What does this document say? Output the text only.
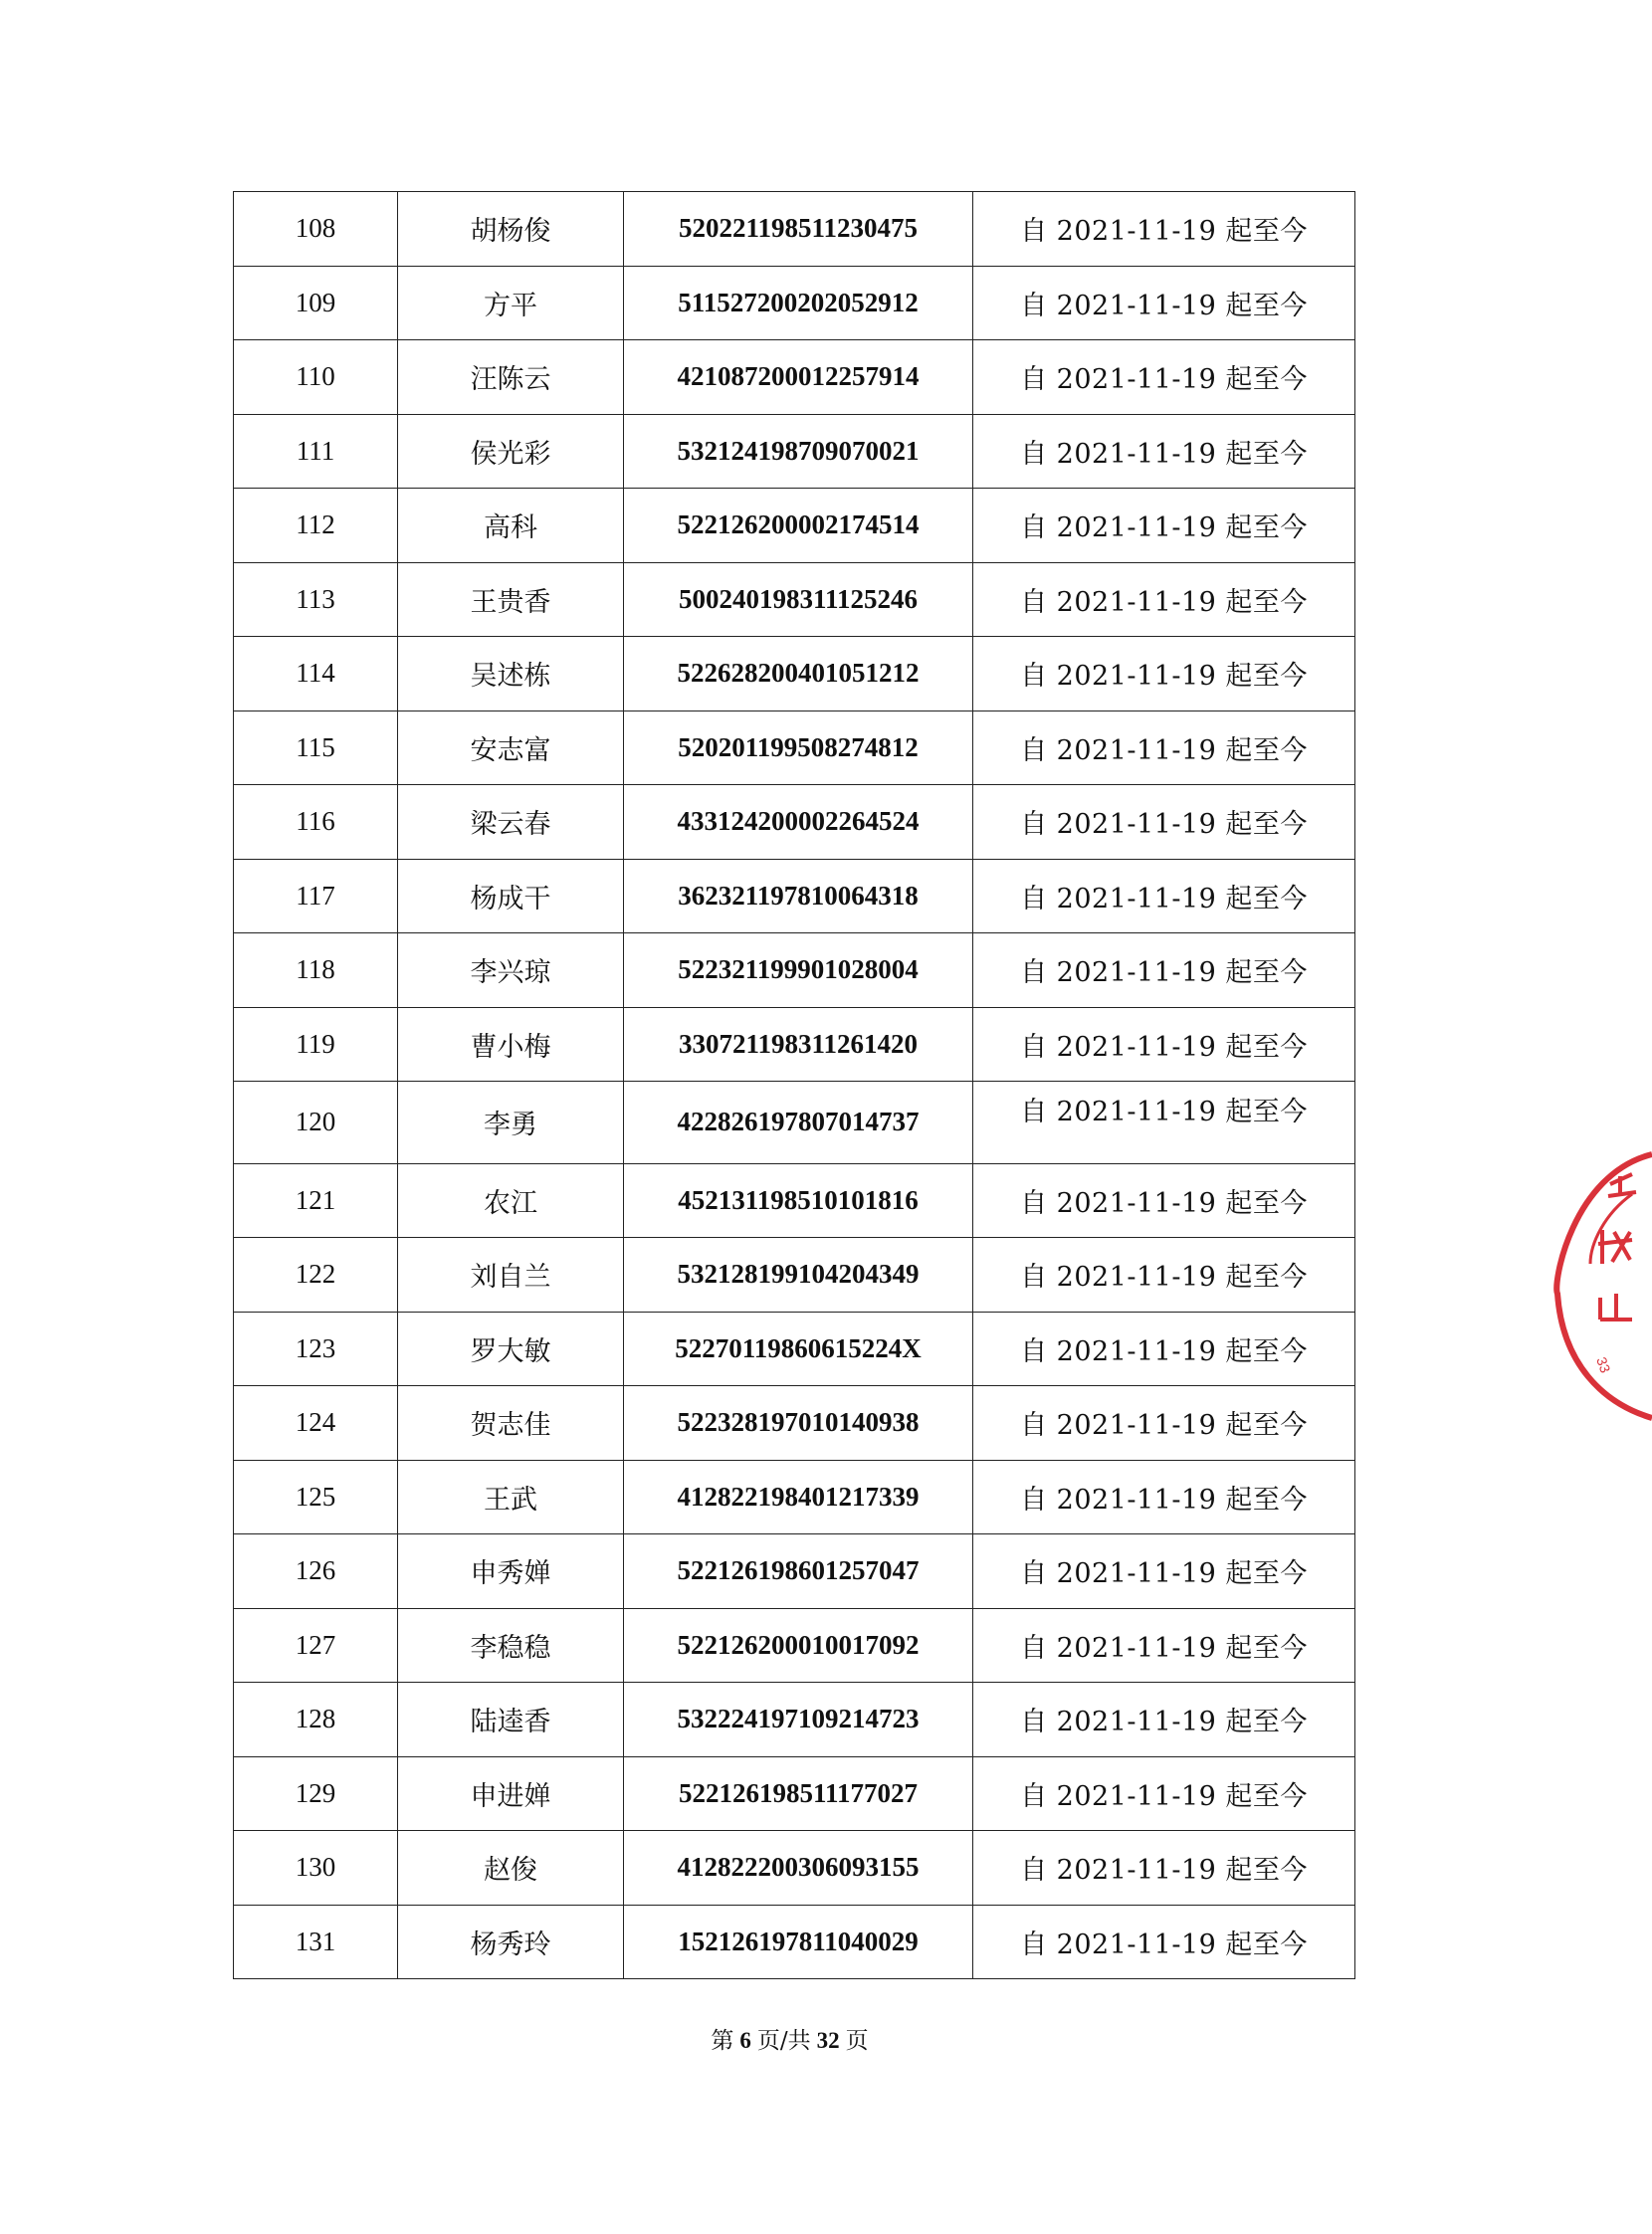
108	胡杨俊	520221198511230475	自 2021-11-19 起至今
109	方平	511527200202052912	自 2021-11-19 起至今
110	汪陈云	421087200012257914	自 2021-11-19 起至今
111	侯光彩	532124198709070021	自 2021-11-19 起至今
112	高科	522126200002174514	自 2021-11-19 起至今
113	王贵香	500240198311125246	自 2021-11-19 起至今
114	吴述栋	522628200401051212	自 2021-11-19 起至今
115	安志富	520201199508274812	自 2021-11-19 起至今
116	梁云春	433124200002264524	自 2021-11-19 起至今
117	杨成干	362321197810064318	自 2021-11-19 起至今
118	李兴琼	522321199901028004	自 2021-11-19 起至今
119	曹小梅	330721198311261420	自 2021-11-19 起至今
120	李勇	422826197807014737	自 2021-11-19 起至今
121	农江	452131198510101816	自 2021-11-19 起至今
122	刘自兰	532128199104204349	自 2021-11-19 起至今
123	罗大敏	52270119860615224X	自 2021-11-19 起至今
124	贺志佳	522328197010140938	自 2021-11-19 起至今
125	王武	412822198401217339	自 2021-11-19 起至今
126	申秀婵	522126198601257047	自 2021-11-19 起至今
127	李稳稳	522126200010017092	自 2021-11-19 起至今
128	陆逵香	532224197109214723	自 2021-11-19 起至今
129	申进婵	522126198511177027	自 2021-11-19 起至今
130	赵俊	412822200306093155	自 2021-11-19 起至今
131	杨秀玲	152126197811040029	自 2021-11-19 起至今
第 6 页/共 32 页
33
